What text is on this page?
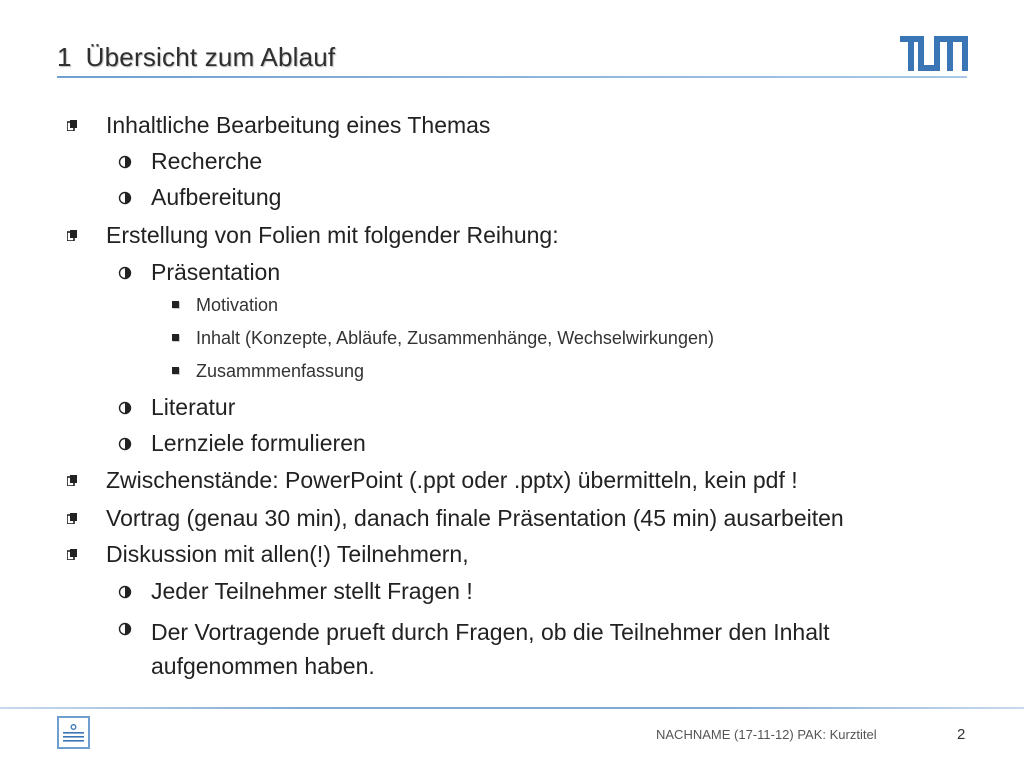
1 Übersicht zum Ablauf
Inhaltliche Bearbeitung eines Themas
Recherche
Aufbereitung
Erstellung von Folien mit folgender Reihung:
Präsentation
Motivation
Inhalt (Konzepte, Abläufe, Zusammenhänge, Wechselwirkungen)
Zusammmenfassung
Literatur
Lernziele formulieren
Zwischenstände: PowerPoint (.ppt oder .pptx) übermitteln, kein pdf !
Vortrag (genau 30 min), danach finale Präsentation (45 min) ausarbeiten
Diskussion mit allen(!) Teilnehmern,
Jeder Teilnehmer stellt Fragen !
Der Vortragende prueft durch Fragen, ob die Teilnehmer den Inhalt aufgenommen haben.
NACHNAME (17-11-12) PAK: Kurztitel	2
